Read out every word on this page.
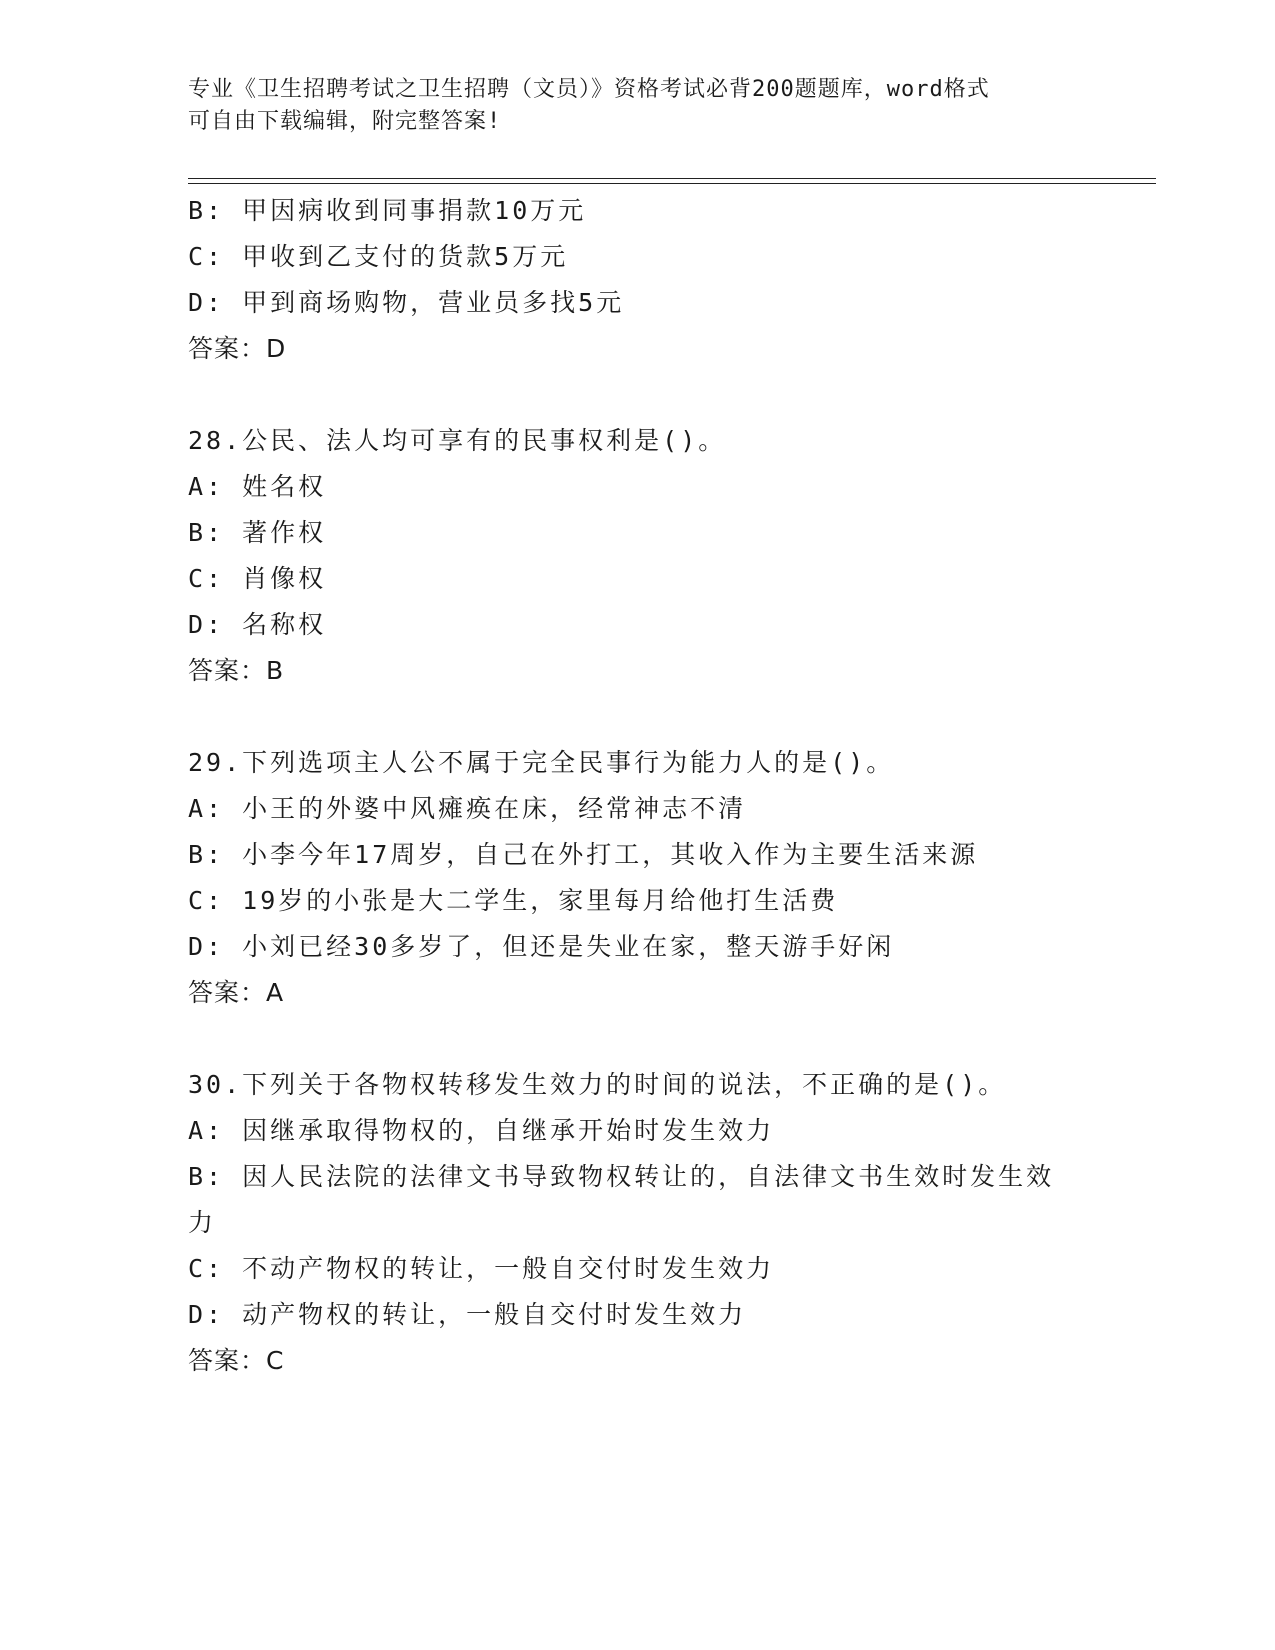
专业《卫生招聘考试之卫生招聘（文员）》资格考试必背200题题库，word格式
可自由下载编辑，附完整答案!
B: 甲因病收到同事捐款10万元
C: 甲收到乙支付的货款5万元
D: 甲到商场购物，营业员多找5元
答案：D
28.公民、法人均可享有的民事权利是()。
A: 姓名权
B: 著作权
C: 肖像权
D: 名称权
答案：B
29.下列选项主人公不属于完全民事行为能力人的是()。
A: 小王的外婆中风瘫痪在床，经常神志不清
B: 小李今年17周岁，自己在外打工，其收入作为主要生活来源
C: 19岁的小张是大二学生，家里每月给他打生活费
D: 小刘已经30多岁了，但还是失业在家，整天游手好闲
答案：A
30.下列关于各物权转移发生效力的时间的说法，不正确的是()。
A: 因继承取得物权的，自继承开始时发生效力
B: 因人民法院的法律文书导致物权转让的，自法律文书生效时发生效
力
C: 不动产物权的转让，一般自交付时发生效力
D: 动产物权的转让，一般自交付时发生效力
答案：C
